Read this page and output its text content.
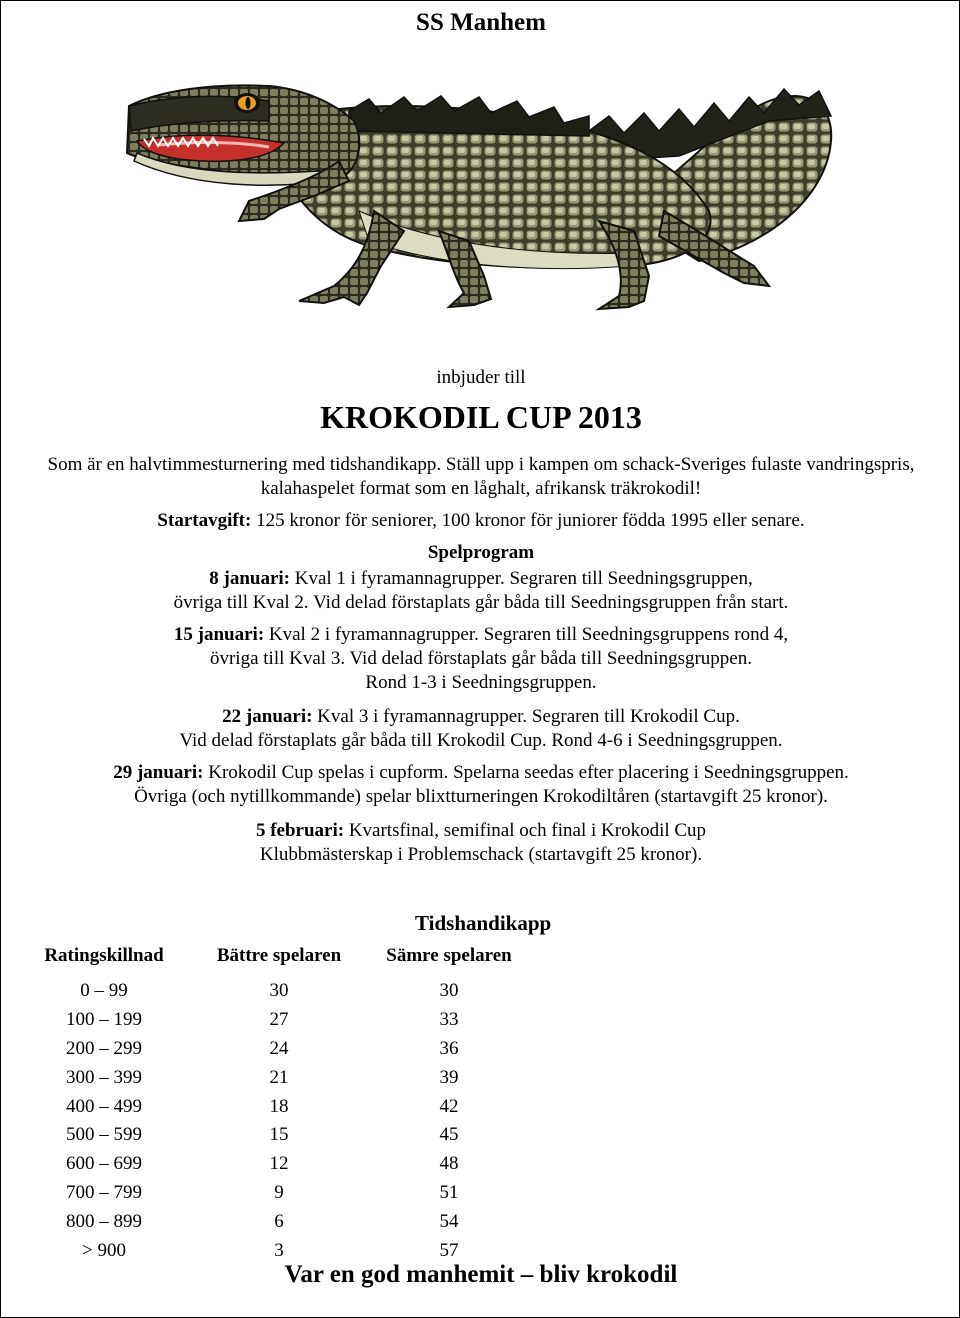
SS Manhem
inbjuder till
KROKODIL CUP 2013
Som är en halvtimmesturnering med tidshandikapp. Ställ upp i kampen om schack-Sveriges fulaste vandringspris,
kalahaspelet format som en låghalt, afrikansk träkrokodil!
Startavgift: 125 kronor för seniorer, 100 kronor för juniorer födda 1995 eller senare.
Spelprogram
8 januari: Kval 1 i fyramannagrupper. Segraren till Seedningsgruppen,
övriga till Kval 2. Vid delad förstaplats går båda till Seedningsgruppen från start.
15 januari: Kval 2 i fyramannagrupper. Segraren till Seedningsgruppens rond 4,
övriga till Kval 3. Vid delad förstaplats går båda till Seedningsgruppen.
Rond 1-3 i Seedningsgruppen.
22 januari: Kval 3 i fyramannagrupper. Segraren till Krokodil Cup.
Vid delad förstaplats går båda till Krokodil Cup. Rond 4-6 i Seedningsgruppen.
29 januari: Krokodil Cup spelas i cupform. Spelarna seedas efter placering i Seedningsgruppen.
Övriga (och nytillkommande) spelar blixtturneringen Krokodiltåren (startavgift 25 kronor).
5 februari: Kvartsfinal, semifinal och final i Krokodil Cup
Klubbmästerskap i Problemschack (startavgift 25 kronor).
Tidshandikapp
Ratingskillnad	Bättre spelaren	Sämre spelaren
0 – 99	30	30
100 – 199	27	33
200 – 299	24	36
300 – 399	21	39
400 – 499	18	42
500 – 599	15	45
600 – 699	12	48
700 – 799	9	51
800 – 899	6	54
> 900	3	57
Var en god manhemit – bliv krokodil
